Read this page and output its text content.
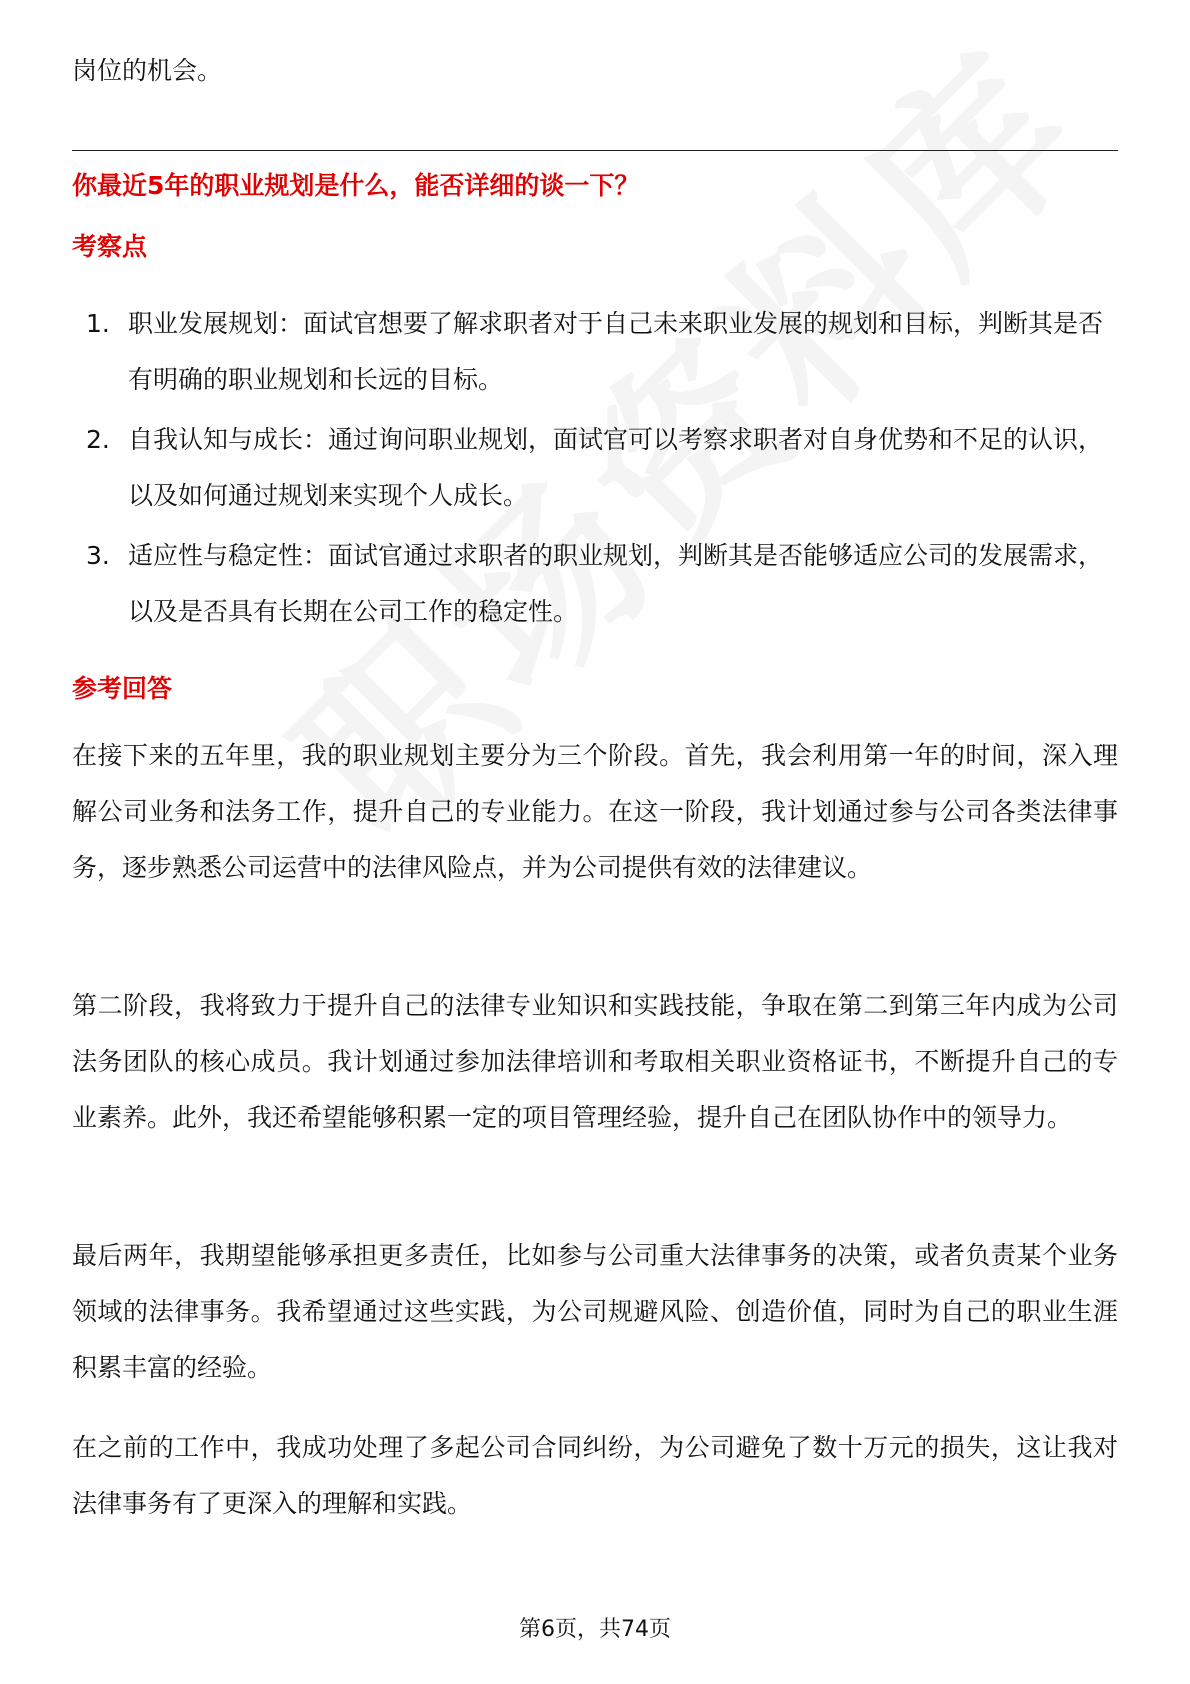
岗位的机会。

你最近5年的职业规划是什么，能否详细的谈一下？
考察点
1. 职业发展规划：面试官想要了解求职者对于自己未来职业发展的规划和目标，判断其是否有明确的职业规划和长远的目标。
2. 自我认知与成长：通过询问职业规划，面试官可以考察求职者对自身优势和不足的认识，以及如何通过规划来实现个人成长。
3. 适应性与稳定性：面试官通过求职者的职业规划，判断其是否能够适应公司的发展需求，以及是否具有长期在公司工作的稳定性。
参考回答

在接下来的五年里，我的职业规划主要分为三个阶段。首先，我会利用第一年的时间，深入理解公司业务和法务工作，提升自己的专业能力。在这一阶段，我计划通过参与公司各类法律事务，逐步熟悉公司运营中的法律风险点，并为公司提供有效的法律建议。

第二阶段，我将致力于提升自己的法律专业知识和实践技能，争取在第二到第三年内成为公司法务团队的核心成员。我计划通过参加法律培训和考取相关职业资格证书，不断提升自己的专业素养。此外，我还希望能够积累一定的项目管理经验，提升自己在团队协作中的领导力。

最后两年，我期望能够承担更多责任，比如参与公司重大法律事务的决策，或者负责某个业务领域的法律事务。我希望通过这些实践，为公司规避风险、创造价值，同时为自己的职业生涯积累丰富的经验。

在之前的工作中，我成功处理了多起公司合同纠纷，为公司避免了数十万元的损失，这让我对法律事务有了更深入的理解和实践。

第6页，共74页
